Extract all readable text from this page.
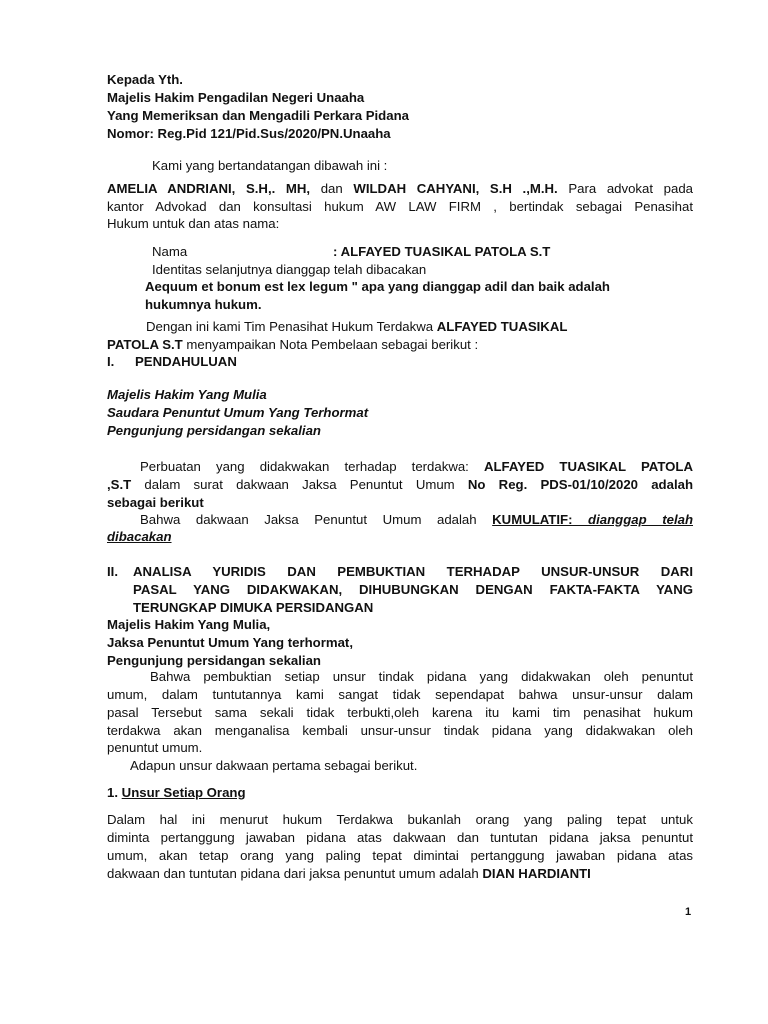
Kepada Yth.
Majelis Hakim Pengadilan Negeri Unaaha
Yang Memeriksan dan Mengadili Perkara Pidana
Nomor: Reg.Pid 121/Pid.Sus/2020/PN.Unaaha
Kami yang bertandatangan dibawah ini :
AMELIA ANDRIANI, S.H,. MH, dan WILDAH CAHYANI, S.H .,M.H. Para advokat pada
kantor Advokad dan konsultasi hukum AW LAW FIRM , bertindak sebagai Penasihat
Hukum untuk dan atas nama:
Nama	: ALFAYED TUASIKAL PATOLA S.T
Identitas selanjutnya dianggap telah dibacakan
Aequum et bonum est lex legum " apa yang dianggap adil dan baik adalah
hukumnya hukum.
Dengan ini kami Tim Penasihat Hukum Terdakwa ALFAYED TUASIKAL
PATOLA S.T menyampaikan Nota Pembelaan sebagai berikut :
I. PENDAHULUAN
Majelis Hakim Yang Mulia
Saudara Penuntut Umum Yang Terhormat
Pengunjung persidangan sekalian
Perbuatan yang didakwakan terhadap terdakwa: ALFAYED TUASIKAL PATOLA
,S.T dalam surat dakwaan Jaksa Penuntut Umum No Reg. PDS-01/10/2020 adalah
sebagai berikut
Bahwa dakwaan Jaksa Penuntut Umum adalah KUMULATIF: dianggap telah
dibacakan
II. ANALISA YURIDIS DAN PEMBUKTIAN TERHADAP UNSUR-UNSUR DARI
PASAL YANG DIDAKWAKAN, DIHUBUNGKAN DENGAN FAKTA-FAKTA YANG
TERUNGKAP DIMUKA PERSIDANGAN
Majelis Hakim Yang Mulia,
Jaksa Penuntut Umum Yang terhormat,
Pengunjung persidangan sekalian
Bahwa pembuktian setiap unsur tindak pidana yang didakwakan oleh penuntut
umum, dalam tuntutannya kami sangat tidak sependapat bahwa unsur-unsur dalam
pasal Tersebut sama sekali tidak terbukti,oleh karena itu kami tim penasihat hukum
terdakwa akan menganalisa kembali unsur-unsur tindak pidana yang didakwakan oleh
penuntut umum.
Adapun unsur dakwaan pertama sebagai berikut.
1. Unsur Setiap Orang
Dalam hal ini menurut hukum Terdakwa bukanlah orang yang paling tepat untuk
diminta pertanggung jawaban pidana atas dakwaan dan tuntutan pidana jaksa penuntut
umum, akan tetap orang yang paling tepat dimintai pertanggung jawaban pidana atas
dakwaan dan tuntutan pidana dari jaksa penuntut umum adalah DIAN HARDIANTI
1
